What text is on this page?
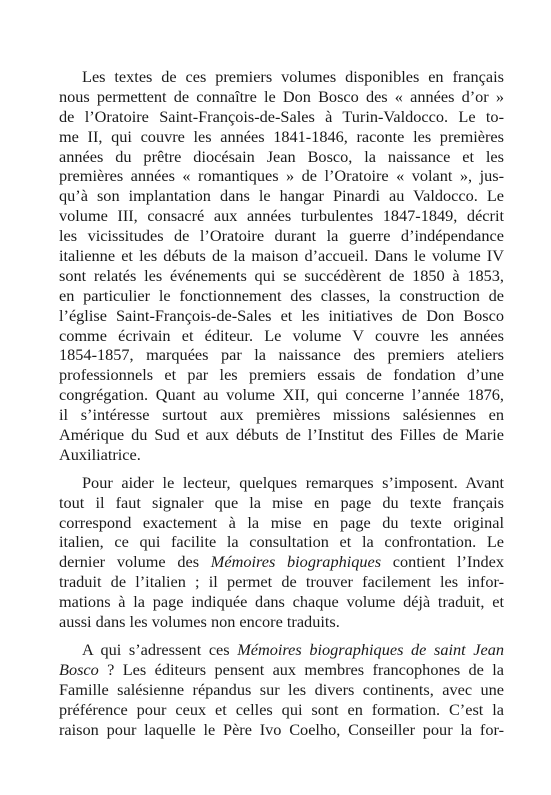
Les textes de ces premiers volumes disponibles en français
nous permettent de connaître le Don Bosco des « années d’or »
de l’Oratoire Saint-François-de-Sales à Turin-Valdocco. Le to-
me II, qui couvre les années 1841-1846, raconte les premières
années du prêtre diocésain Jean Bosco, la naissance et les
premières années « romantiques » de l’Oratoire « volant », jus-
qu’à son implantation dans le hangar Pinardi au Valdocco. Le
volume III, consacré aux années turbulentes 1847-1849, décrit
les vicissitudes de l’Oratoire durant la guerre d’indépendance
italienne et les débuts de la maison d’accueil. Dans le volume IV
sont relatés les événements qui se succédèrent de 1850 à 1853,
en particulier le fonctionnement des classes, la construction de
l’église Saint-François-de-Sales et les initiatives de Don Bosco
comme écrivain et éditeur. Le volume V couvre les années
1854-1857, marquées par la naissance des premiers ateliers
professionnels et par les premiers essais de fondation d’une
congrégation. Quant au volume XII, qui concerne l’année 1876,
il s’intéresse surtout aux premières missions salésiennes en
Amérique du Sud et aux débuts de l’Institut des Filles de Marie
Auxiliatrice.
Pour aider le lecteur, quelques remarques s’imposent. Avant
tout il faut signaler que la mise en page du texte français
correspond exactement à la mise en page du texte original
italien, ce qui facilite la consultation et la confrontation. Le
dernier volume des Mémoires biographiques contient l’Index
traduit de l’italien ; il permet de trouver facilement les infor-
mations à la page indiquée dans chaque volume déjà traduit, et
aussi dans les volumes non encore traduits.
A qui s’adressent ces Mémoires biographiques de saint Jean
Bosco ? Les éditeurs pensent aux membres francophones de la
Famille salésienne répandus sur les divers continents, avec une
préférence pour ceux et celles qui sont en formation. C’est la
raison pour laquelle le Père Ivo Coelho, Conseiller pour la for-
